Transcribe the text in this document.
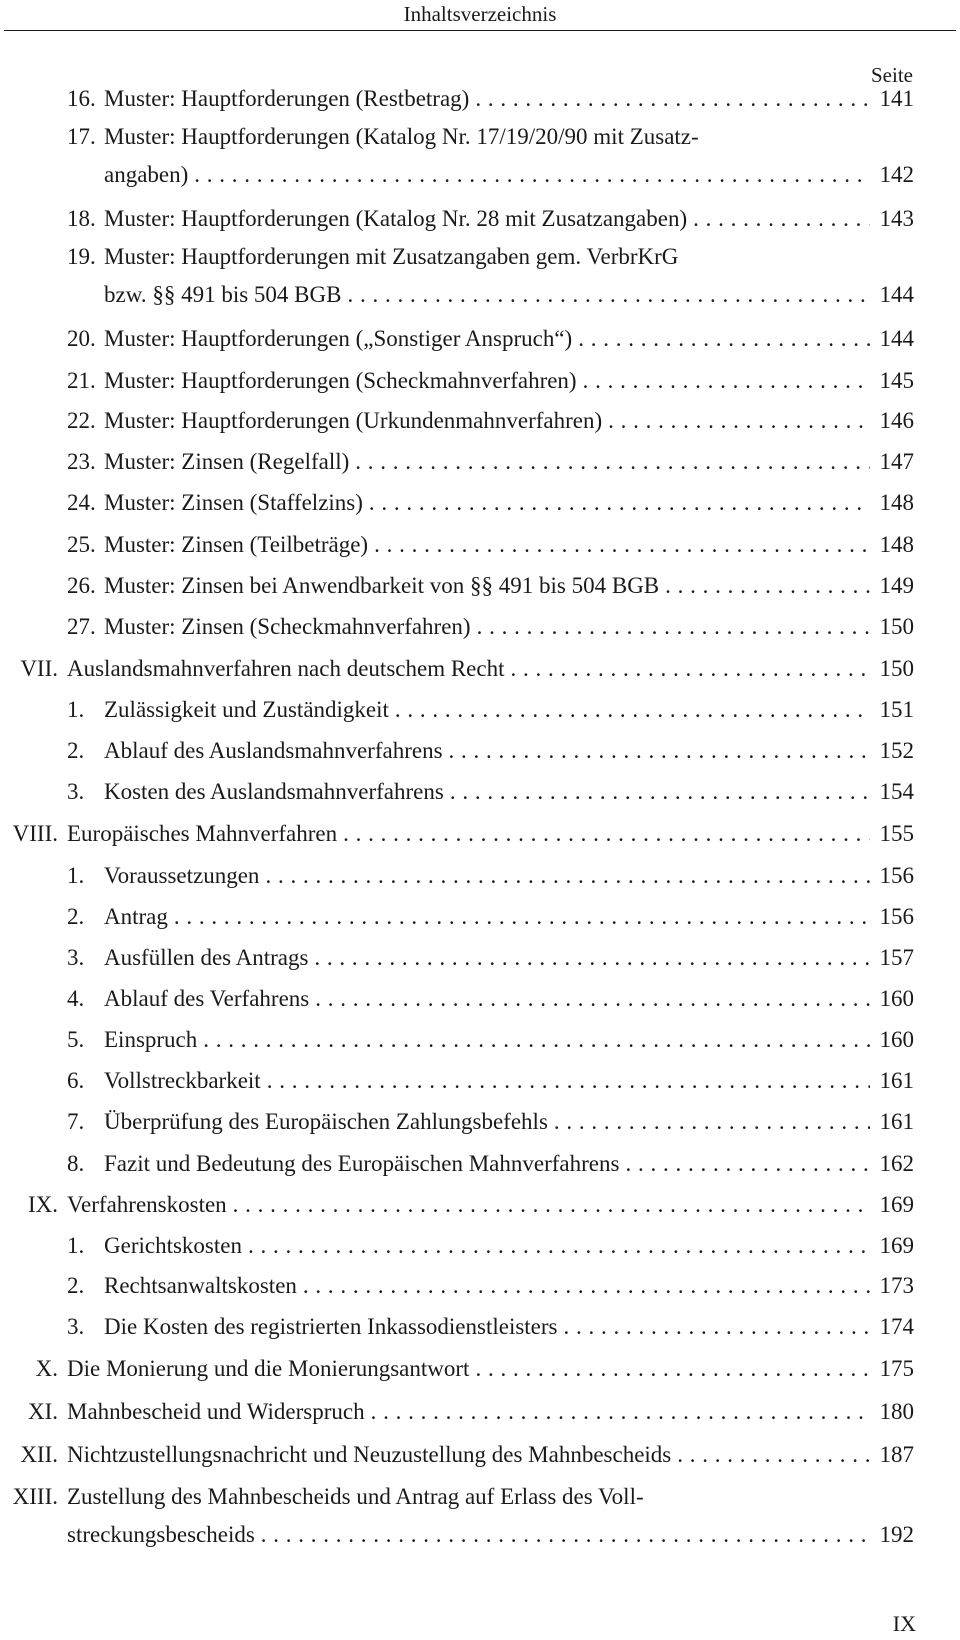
Inhaltsverzeichnis
Seite
16. Muster: Hauptforderungen (Restbetrag) . . .	141
17. Muster: Hauptforderungen (Katalog Nr. 17/19/20/90 mit Zusatz-
angaben) . . .	142
18. Muster: Hauptforderungen (Katalog Nr. 28 mit Zusatzangaben) . . .	143
19. Muster: Hauptforderungen mit Zusatzangaben gem. VerbrKrG
bzw. §§ 491 bis 504 BGB . . .	144
20. Muster: Hauptforderungen („Sonstiger Anspruch“) . . .	144
21. Muster: Hauptforderungen (Scheckmahnverfahren) . . .	145
22. Muster: Hauptforderungen (Urkundenmahnverfahren) . . .	146
23. Muster: Zinsen (Regelfall) . . .	147
24. Muster: Zinsen (Staffelzins) . . .	148
25. Muster: Zinsen (Teilbeträge) . . .	148
26. Muster: Zinsen bei Anwendbarkeit von §§ 491 bis 504 BGB . . .	149
27. Muster: Zinsen (Scheckmahnverfahren) . . .	150
VII. Auslandsmahnverfahren nach deutschem Recht . . .	150
1. Zulässigkeit und Zuständigkeit . . .	151
2. Ablauf des Auslandsmahnverfahrens . . .	152
3. Kosten des Auslandsmahnverfahrens . . .	154
VIII. Europäisches Mahnverfahren . . .	155
1. Voraussetzungen . . .	156
2. Antrag . . .	156
3. Ausfüllen des Antrags . . .	157
4. Ablauf des Verfahrens . . .	160
5. Einspruch . . .	160
6. Vollstreckbarkeit . . .	161
7. Überprüfung des Europäischen Zahlungsbefehls . . .	161
8. Fazit und Bedeutung des Europäischen Mahnverfahrens . . .	162
IX. Verfahrenskosten . . .	169
1. Gerichtskosten . . .	169
2. Rechtsanwaltskosten . . .	173
3. Die Kosten des registrierten Inkassodienstleisters . . .	174
X. Die Monierung und die Monierungsantwort . . .	175
XI. Mahnbescheid und Widerspruch . . .	180
XII. Nichtzustellungsnachricht und Neuzustellung des Mahnbescheids . . .	187
XIII. Zustellung des Mahnbescheids und Antrag auf Erlass des Voll-
streckungsbescheids . . .	192
IX
